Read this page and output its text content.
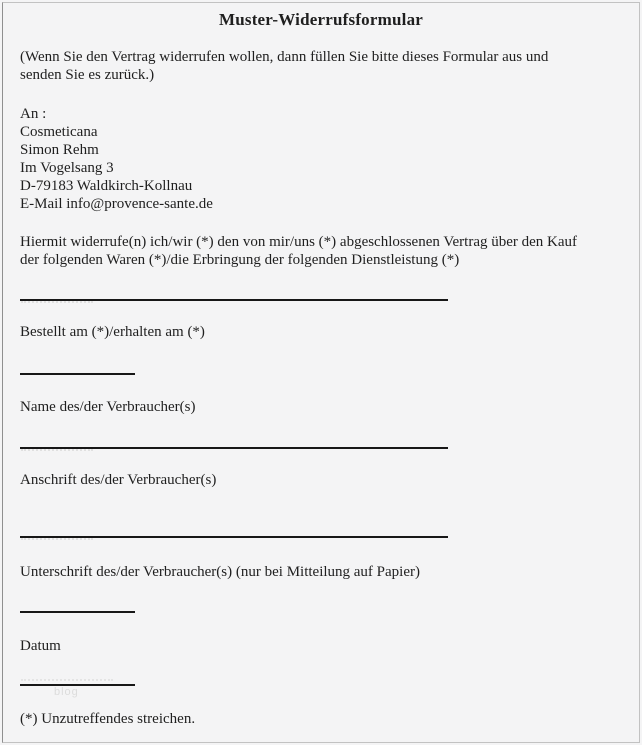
Muster-Widerrufsformular
(Wenn Sie den Vertrag widerrufen wollen, dann füllen Sie bitte dieses Formular aus und
senden Sie es zurück.)
An :
Cosmeticana
Simon Rehm
Im Vogelsang 3
D-79183 Waldkirch-Kollnau
E-Mail info@provence-sante.de
Hiermit widerrufe(n) ich/wir (*) den von mir/uns (*) abgeschlossenen Vertrag über den Kauf
der folgenden Waren (*)/die Erbringung der folgenden Dienstleistung (*)
Bestellt am (*)/erhalten am (*)
Name des/der Verbraucher(s)
Anschrift des/der Verbraucher(s)
Unterschrift des/der Verbraucher(s) (nur bei Mitteilung auf Papier)
Datum
(*) Unzutreffendes streichen.
blog
